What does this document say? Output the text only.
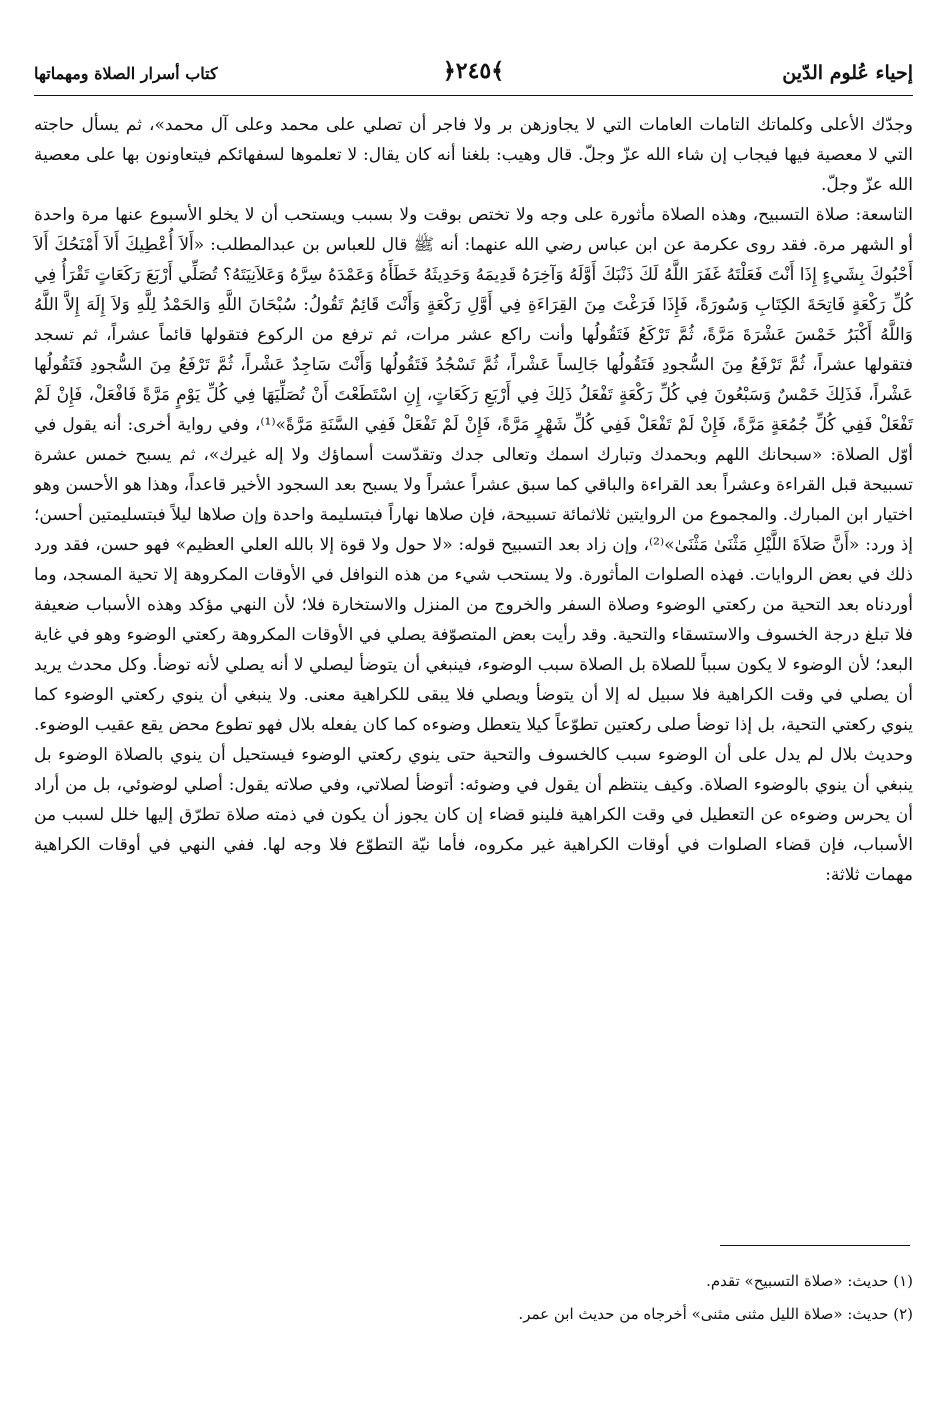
إحياء عُلوم الدّين
﴿٢٤٥﴾
كتاب أسرار الصلاة ومهماتها

وجدّك الأعلى وكلماتك التامات العامات التي لا يجاوزهن بر ولا فاجر أن تصلي على محمد وعلى آل محمد»، ثم يسأل حاجته التي لا معصية فيها فيجاب إن شاء الله عزّ وجلّ. قال وهيب: بلغنا أنه كان يقال: لا تعلموها لسفهائكم فيتعاونون بها على معصية الله عزّ وجلّ.

التاسعة: صلاة التسبيح، وهذه الصلاة مأثورة على وجه ولا تختص بوقت ولا بسبب ويستحب أن لا يخلو الأسبوع عنها مرة واحدة أو الشهر مرة. فقد روى عكرمة عن ابن عباس رضي الله عنهما: أنه ﷺ قال للعباس بن عبدالمطلب: «أَلاَ أُعْطِيكَ أَلاَ أَمْنَحُكَ أَلاَ أَحْبُوكَ بِشَيءٍ إِذَا أَنْتَ فَعَلْتَهُ غَفَرَ اللَّهُ لَكَ ذَنْبَكَ أَوَّلَهُ وَآخِرَهُ قَدِيمَهُ وَحَدِيثَهُ خَطَأَهُ وَعَمْدَهُ سِرَّهُ وَعَلاَنِيَتَهُ؟ تُصَلِّي أَرْبَعَ رَكَعَاتٍ تَقْرَأُ فِي كُلِّ رَكْعَةٍ فَاتِحَةَ الكِتَابِ وَسُورَةً، فَإِذَا فَرَغْتَ مِنَ القِرَاءَةِ فِي أَوَّلِ رَكْعَةٍ وَأَنْتَ قَائِمٌ تَقُولُ: سُبْحَانَ اللَّهِ وَالحَمْدُ لِلَّهِ وَلاَ إِلَهَ إِلاَّ اللَّهُ وَاللَّهُ أَكْبَرُ خَمْسَ عَشْرَةَ مَرَّةً، ثُمَّ تَرْكَعُ فَتَقُولُها وأنت راكع عشر مرات، ثم ترفع من الركوع فتقولها قائماً عشراً، ثم تسجد فتقولها عشراً، ثُمَّ تَرْفَعُ مِنَ السُّجودِ فَتَقُولُها جَالِساً عَشْراً، ثُمَّ تَسْجُدُ فَتَقُولُها وَأَنْتَ سَاجِدٌ عَشْراً، ثُمَّ تَرْفَعُ مِنَ السُّجودِ فَتَقُولُها عَشْراً، فَذَلِكَ خَمْسٌ وَسَبْعُونَ فِي كُلِّ رَكْعَةٍ تَفْعَلُ ذَلِكَ فِي أَرْبَعِ رَكَعَاتٍ، إِنِ اسْتَطَعْتَ أَنْ تُصَلِّيَهَا فِي كُلِّ يَوْمٍ مَرَّةً فَافْعَلْ، فَإِنْ لَمْ تَفْعَلْ فَفِي كُلِّ جُمُعَةٍ مَرَّةً، فَإِنْ لَمْ تَفْعَلْ فَفِي كُلِّ شَهْرٍ مَرَّةً، فَإِنْ لَمْ تَفْعَلْ فَفِي السَّنَةِ مَرَّةً»⁽¹⁾، وفي رواية أخرى: أنه يقول في أوّل الصلاة: «سبحانك اللهم وبحمدك وتبارك اسمك وتعالى جدك وتقدّست أسماؤك ولا إله غيرك»، ثم يسبح خمس عشرة تسبيحة قبل القراءة وعشراً بعد القراءة والباقي كما سبق عشراً عشراً ولا يسبح بعد السجود الأخير قاعداً، وهذا هو الأحسن وهو اختيار ابن المبارك. والمجموع من الروايتين ثلاثمائة تسبيحة، فإن صلاها نهاراً فبتسليمة واحدة وإن صلاها ليلاً فبتسليمتين أحسن؛ إذ ورد: «أَنَّ صَلاَةَ اللَّيْلِ مَثْنَىٰ مَثْنَىٰ»⁽²⁾، وإن زاد بعد التسبيح قوله: «لا حول ولا قوة إلا بالله العلي العظيم» فهو حسن، فقد ورد ذلك في بعض الروايات. فهذه الصلوات المأثورة. ولا يستحب شيء من هذه النوافل في الأوقات المكروهة إلا تحية المسجد، وما أوردناه بعد التحية من ركعتي الوضوء وصلاة السفر والخروج من المنزل والاستخارة فلا؛ لأن النهي مؤكد وهذه الأسباب ضعيفة فلا تبلغ درجة الخسوف والاستسقاء والتحية. وقد رأيت بعض المتصوّفة يصلي في الأوقات المكروهة ركعتي الوضوء وهو في غاية البعد؛ لأن الوضوء لا يكون سبباً للصلاة بل الصلاة سبب الوضوء، فينبغي أن يتوضأ ليصلي لا أنه يصلي لأنه توضأ. وكل محدث يريد أن يصلي في وقت الكراهية فلا سبيل له إلا أن يتوضأ ويصلي فلا يبقى للكراهية معنى. ولا ينبغي أن ينوي ركعتي الوضوء كما ينوي ركعتي التحية، بل إذا توضأ صلى ركعتين تطوّعاً كيلا يتعطل وضوءه كما كان يفعله بلال فهو تطوع محض يقع عقيب الوضوء. وحديث بلال لم يدل على أن الوضوء سبب كالخسوف والتحية حتى ينوي ركعتي الوضوء فيستحيل أن ينوي بالصلاة الوضوء بل ينبغي أن ينوي بالوضوء الصلاة. وكيف ينتظم أن يقول في وضوئه: أتوضأ لصلاتي، وفي صلاته يقول: أصلي لوضوئي، بل من أراد أن يحرس وضوءه عن التعطيل في وقت الكراهية فلينو قضاء إن كان يجوز أن يكون في ذمته صلاة تطرّق إليها خلل لسبب من الأسباب، فإن قضاء الصلوات في أوقات الكراهية غير مكروه، فأما نيّة التطوّع فلا وجه لها. ففي النهي في أوقات الكراهية مهمات ثلاثة:

(١) حديث: «صلاة التسبيح» تقدم.

(٢) حديث: «صلاة الليل مثنى مثنى» أخرجاه من حديث ابن عمر.
